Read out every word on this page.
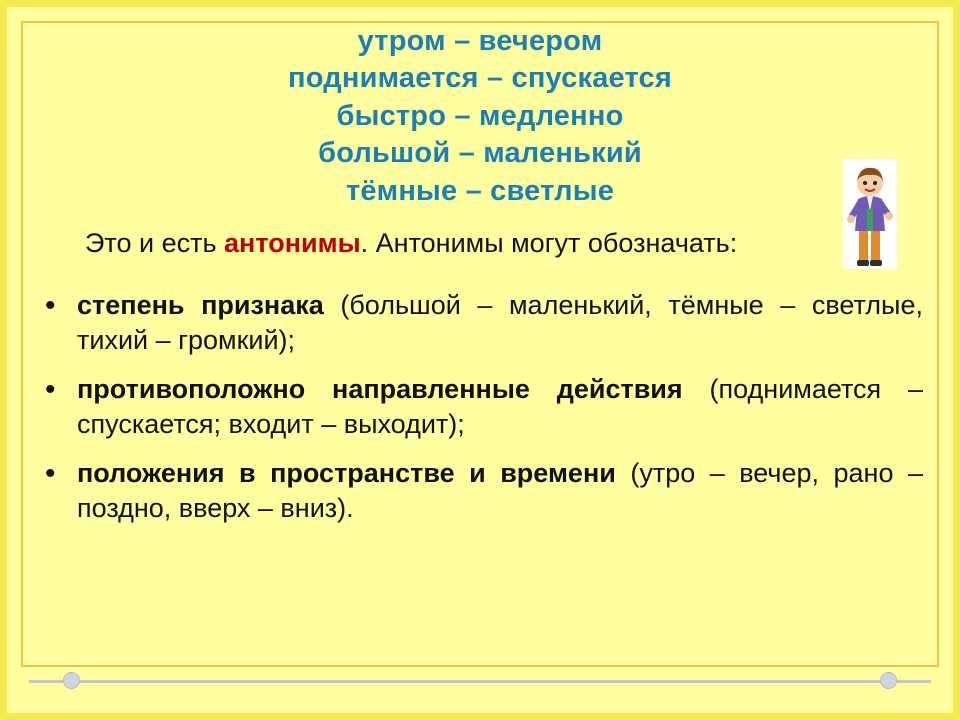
утром – вечером
поднимается – спускается
быстро – медленно
большой – маленький
тёмные – светлые

Это и есть антонимы. Антонимы могут обозначать:

• степень признака (большой – маленький, тёмные – светлые, тихий – громкий);
• противоположно направленные действия (поднимается – спускается; входит – выходит);
• положения в пространстве и времени (утро – вечер, рано – поздно, вверх – вниз).
